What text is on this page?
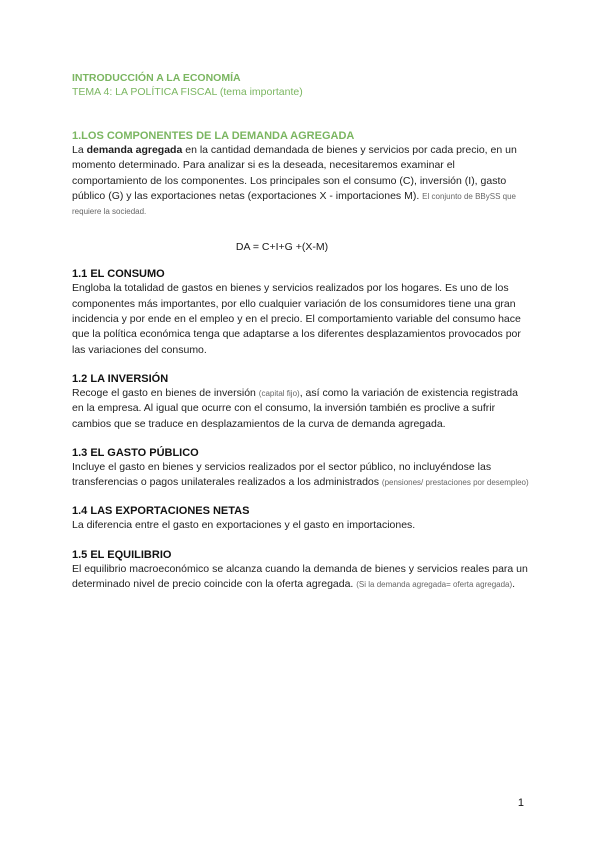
INTRODUCCIÓN A LA ECONOMÍA
TEMA 4: LA POLÍTICA FISCAL (tema importante)
1.LOS COMPONENTES DE LA DEMANDA AGREGADA

La demanda agregada en la cantidad demandada de bienes y servicios por cada precio, en un momento determinado. Para analizar si es la deseada, necesitaremos examinar el comportamiento de los componentes. Los principales son el consumo (C), inversión (I), gasto público (G) y las exportaciones netas (exportaciones X - importaciones M). El conjunto de BBySS que requiere la sociedad.

DA = C+I+G +(X-M)
1.1 EL CONSUMO

Engloba la totalidad de gastos en bienes y servicios realizados por los hogares. Es uno de los componentes más importantes, por ello cualquier variación de los consumidores tiene una gran incidencia y por ende en el empleo y en el precio. El comportamiento variable del consumo hace que la política económica tenga que adaptarse a los diferentes desplazamientos provocados por las variaciones del consumo.

1.2 LA INVERSIÓN

Recoge el gasto en bienes de inversión (capital fijo), así como la variación de existencia registrada en la empresa. Al igual que ocurre con el consumo, la inversión también es proclive a sufrir cambios que se traduce en desplazamientos de la curva de demanda agregada.

1.3 EL GASTO PÚBLICO

Incluye el gasto en bienes y servicios realizados por el sector público, no incluyéndose las transferencias o pagos unilaterales realizados a los administrados (pensiones/ prestaciones por desempleo)

1.4 LAS EXPORTACIONES NETAS

La diferencia entre el gasto en exportaciones y el gasto en importaciones.

1.5 EL EQUILIBRIO

El equilibrio macroeconómico se alcanza cuando la demanda de bienes y servicios reales para un determinado nivel de precio coincide con la oferta agregada. (Si la demanda agregada= oferta agregada).

1
